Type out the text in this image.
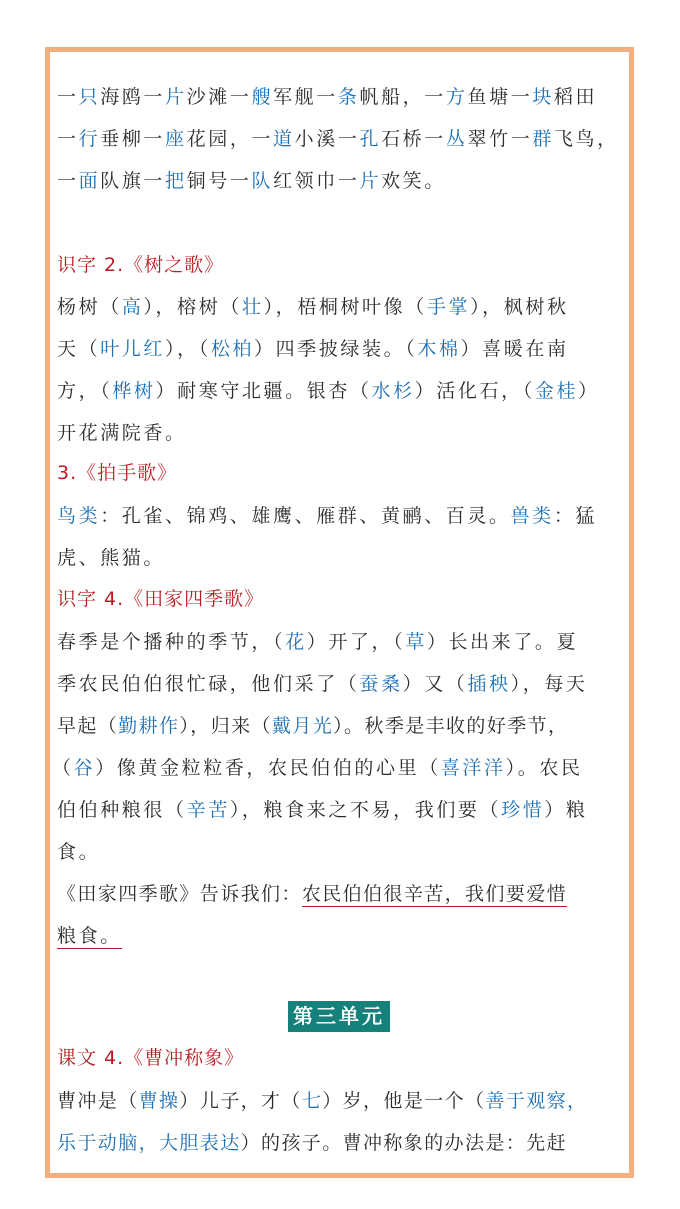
一只海鸥一片沙滩一艘军舰一条帆船，一方鱼塘一块稻田
一行垂柳一座花园，一道小溪一孔石桥一丛翠竹一群飞鸟，
一面队旗一把铜号一队红领巾一片欢笑。
识字 2.《树之歌》
杨树（高），榕树（壮），梧桐树叶像（手掌），枫树秋
天（叶儿红），（松柏）四季披绿装。（木棉）喜暖在南
方，（桦树）耐寒守北疆。银杏（水杉）活化石，（金桂）
开花满院香。
3.《拍手歌》
鸟类：孔雀、锦鸡、雄鹰、雁群、黄鹂、百灵。兽类：猛
虎、熊猫。
识字 4.《田家四季歌》
春季是个播种的季节，（花）开了，（草）长出来了。夏
季农民伯伯很忙碌，他们采了（蚕桑）又（插秧），每天
早起（勤耕作），归来（戴月光）。秋季是丰收的好季节，
（谷）像黄金粒粒香，农民伯伯的心里（喜洋洋）。农民
伯伯种粮很（辛苦），粮食来之不易，我们要（珍惜）粮
食。
《田家四季歌》告诉我们：农民伯伯很辛苦，我们要爱惜
粮食。
第三单元
课文 4.《曹冲称象》
曹冲是（曹操）儿子，才（七）岁，他是一个（善于观察，
乐于动脑，大胆表达）的孩子。曹冲称象的办法是：先赶
